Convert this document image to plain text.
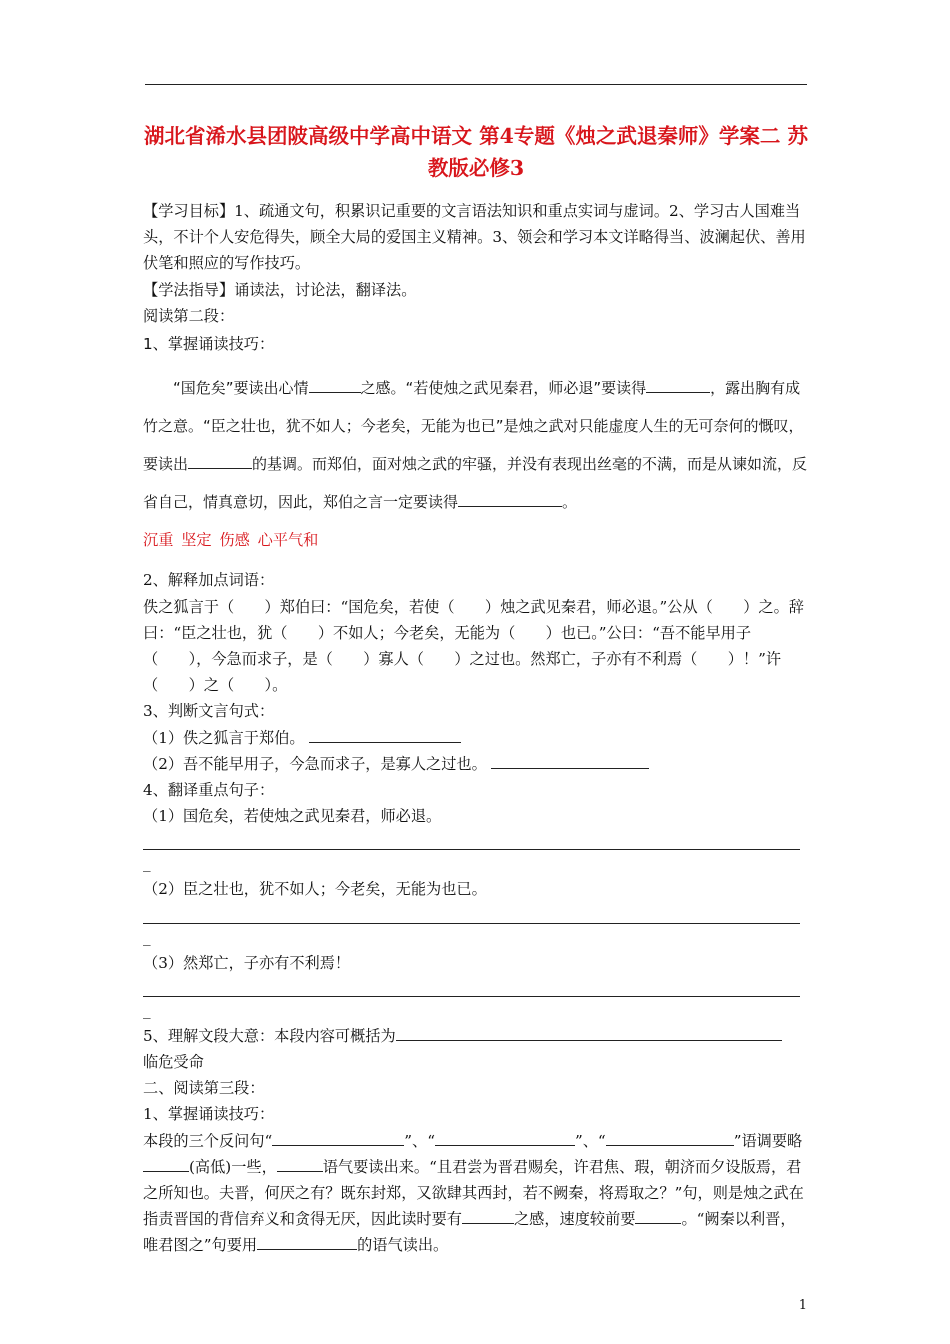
湖北省浠水县团陂高级中学高中语文 第4专题《烛之武退秦师》学案二 苏教版必修3

【学习目标】1、疏通文句，积累识记重要的文言语法知识和重点实词与虚词。2、学习古人国难当头，不计个人安危得失，顾全大局的爱国主义精神。3、领会和学习本文详略得当、波澜起伏、善用伏笔和照应的写作技巧。

【学法指导】诵读法，讨论法，翻译法。

阅读第二段：

1、掌握诵读技巧：

“国危矣”要读出心情	之感。“若使烛之武见秦君，师必退”要读得	，露出胸有成竹之意。“臣之壮也，犹不如人；今老矣，无能为也已”是烛之武对只能虚度人生的无可奈何的慨叹，要读出	的基调。而郑伯，面对烛之武的牢骚，并没有表现出丝毫的不满，而是从谏如流，反省自己，情真意切，因此，郑伯之言一定要读得	。

沉重 坚定 伤感 心平气和

2、解释加点词语：

佚之狐言于（　　）郑伯曰：“国危矣，若使（　　）烛之武见秦君，师必退。”公从（　　）之。辞曰：“臣之壮也，犹（　　）不如人；今老矣，无能为（　　）也已。”公曰：“吾不能早用子（　　），今急而求子，是（　　）寡人（　　）之过也。然郑亡，子亦有不利焉（　　）！”许（　　）之（　　）。

3、判断文言句式：

（1）佚之狐言于郑伯。

（2）吾不能早用子，今急而求子，是寡人之过也。

4、翻译重点句子：

（1）国危矣，若使烛之武见秦君，师必退。

_

（2）臣之壮也，犹不如人；今老矣，无能为也已。

_

（3）然郑亡，子亦有不利焉！

_

5、理解文段大意：本段内容可概括为

临危受命

二、阅读第三段：

1、掌握诵读技巧：

本段的三个反问句“	”、“	”、“	”语调要略(高低)一些，	语气要读出来。“且君尝为晋君赐矣，许君焦、瑕，朝济而夕设版焉，君之所知也。夫晋，何厌之有？既东封郑，又欲肆其西封，若不阙秦，将焉取之？”句，则是烛之武在指责晋国的背信弃义和贪得无厌，因此读时要有	之感，速度较前要	。“阙秦以利晋，唯君图之”句要用	的语气读出。

1
